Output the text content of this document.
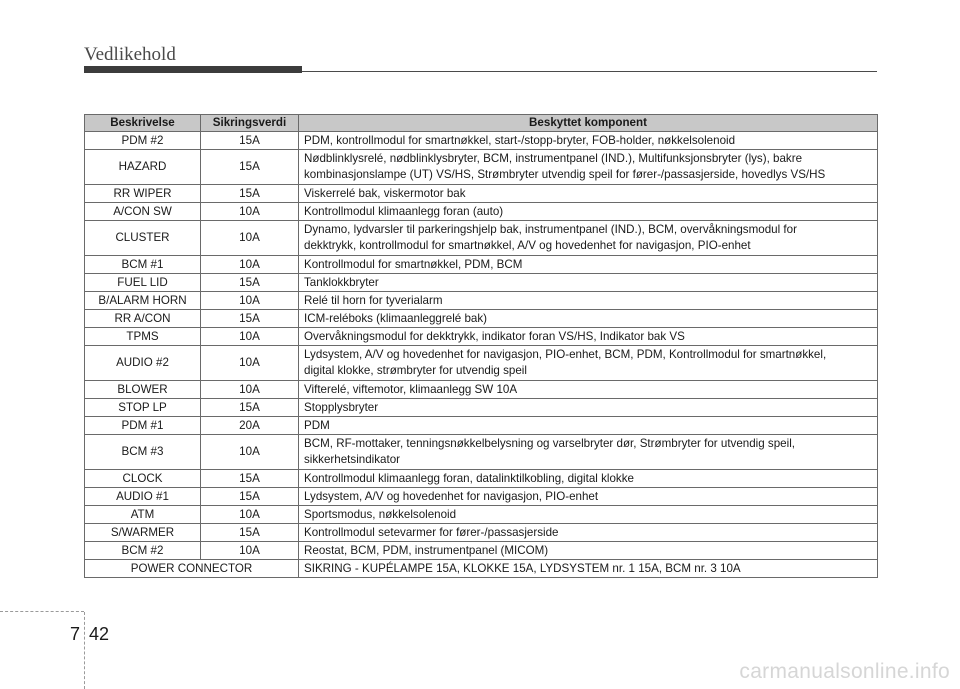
Vedlikehold
Beskrivelse	Sikringsverdi	Beskyttet komponent
PDM #2	15A	PDM, kontrollmodul for smartnøkkel, start-/stopp-bryter, FOB-holder, nøkkelsolenoid

HAZARD	15A	Nødblinklysrelé, nødblinklysbryter, BCM, instrumentpanel (IND.), Multifunksjonsbryter (lys), bakre
kombinasjonslampe (UT) VS/HS, Strømbryter utvendig speil for fører-/passasjerside, hovedlys VS/HS

RR WIPER	15A	Viskerrelé bak, viskermotor bak

A/CON SW	10A	Kontrollmodul klimaanlegg foran (auto)

CLUSTER	10A	Dynamo, lydvarsler til parkeringshjelp bak, instrumentpanel (IND.), BCM, overvåkningsmodul for
dekktrykk, kontrollmodul for smartnøkkel, A/V og hovedenhet for navigasjon, PIO-enhet

BCM #1	10A	Kontrollmodul for smartnøkkel, PDM, BCM

FUEL LID	15A	Tanklokkbryter

B/ALARM HORN	10A	Relé til horn for tyverialarm

RR A/CON	15A	ICM-reléboks (klimaanleggrelé bak)

TPMS	10A	Overvåkningsmodul for dekktrykk, indikator foran VS/HS, Indikator bak VS

AUDIO #2	10A	Lydsystem, A/V og hovedenhet for navigasjon, PIO-enhet, BCM, PDM, Kontrollmodul for smartnøkkel,
digital klokke, strømbryter for utvendig speil

BLOWER	10A	Vifterelé, viftemotor, klimaanlegg SW 10A

STOP LP	15A	Stopplysbryter

PDM #1	20A	PDM

BCM #3	10A	BCM, RF-mottaker, tenningsnøkkelbelysning og varselbryter dør, Strømbryter for utvendig speil,
sikkerhetsindikator

CLOCK	15A	Kontrollmodul klimaanlegg foran, datalinktilkobling, digital klokke

AUDIO #1	15A	Lydsystem, A/V og hovedenhet for navigasjon, PIO-enhet

ATM	10A	Sportsmodus, nøkkelsolenoid

S/WARMER	15A	Kontrollmodul setevarmer for fører-/passasjerside

BCM #2	10A	Reostat, BCM, PDM, instrumentpanel (MICOM)

POWER CONNECTOR		SIKRING - KUPÉLAMPE 15A, KLOKKE 15A, LYDSYSTEM nr. 1 15A, BCM nr. 3 10A
7 42
carmanualsonline.info
